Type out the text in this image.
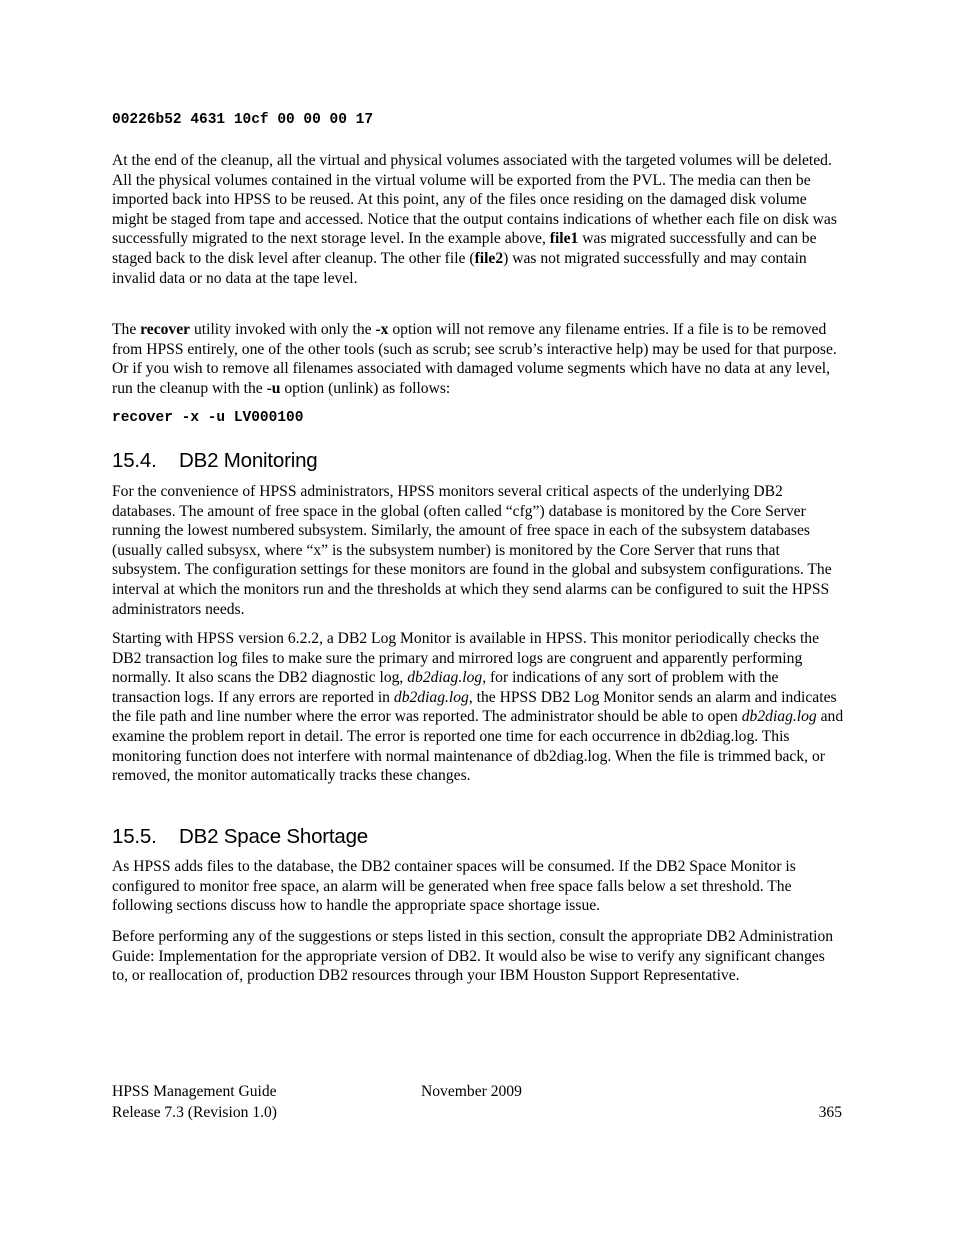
00226b52 4631 10cf 00 00 00 17

At the end of the cleanup, all the virtual and physical volumes associated with the targeted volumes will be deleted. All the physical volumes contained in the virtual volume will be exported from the PVL. The media can then be imported back into HPSS to be reused. At this point, any of the files once residing on the damaged disk volume might be staged from tape and accessed. Notice that the output contains indications of whether each file on disk was successfully migrated to the next storage level. In the example above, file1 was migrated successfully and can be staged back to the disk level after cleanup. The other file (file2) was not migrated successfully and may contain invalid data or no data at the tape level.

The recover utility invoked with only the -x option will not remove any filename entries. If a file is to be removed from HPSS entirely, one of the other tools (such as scrub; see scrub’s interactive help) may be used for that purpose. Or if you wish to remove all filenames associated with damaged volume segments which have no data at any level, run the cleanup with the -u option (unlink) as follows:

recover -x -u LV000100

15.4. DB2 Monitoring

For the convenience of HPSS administrators, HPSS monitors several critical aspects of the underlying DB2 databases. The amount of free space in the global (often called “cfg”) database is monitored by the Core Server running the lowest numbered subsystem. Similarly, the amount of free space in each of the subsystem databases (usually called subsysx, where “x” is the subsystem number) is monitored by the Core Server that runs that subsystem. The configuration settings for these monitors are found in the global and subsystem configurations. The interval at which the monitors run and the thresholds at which they send alarms can be configured to suit the HPSS administrators needs.

Starting with HPSS version 6.2.2, a DB2 Log Monitor is available in HPSS. This monitor periodically checks the DB2 transaction log files to make sure the primary and mirrored logs are congruent and apparently performing normally. It also scans the DB2 diagnostic log, db2diag.log, for indications of any sort of problem with the transaction logs. If any errors are reported in db2diag.log, the HPSS DB2 Log Monitor sends an alarm and indicates the file path and line number where the error was reported. The administrator should be able to open db2diag.log and examine the problem report in detail. The error is reported one time for each occurrence in db2diag.log. This monitoring function does not interfere with normal maintenance of db2diag.log. When the file is trimmed back, or removed, the monitor automatically tracks these changes.

15.5. DB2 Space Shortage

As HPSS adds files to the database, the DB2 container spaces will be consumed. If the DB2 Space Monitor is configured to monitor free space, an alarm will be generated when free space falls below a set threshold. The following sections discuss how to handle the appropriate space shortage issue.

Before performing any of the suggestions or steps listed in this section, consult the appropriate DB2 Administration Guide: Implementation for the appropriate version of DB2. It would also be wise to verify any significant changes to, or reallocation of, production DB2 resources through your IBM Houston Support Representative.

HPSS Management Guide

Release 7.3 (Revision 1.0)

November 2009

365
